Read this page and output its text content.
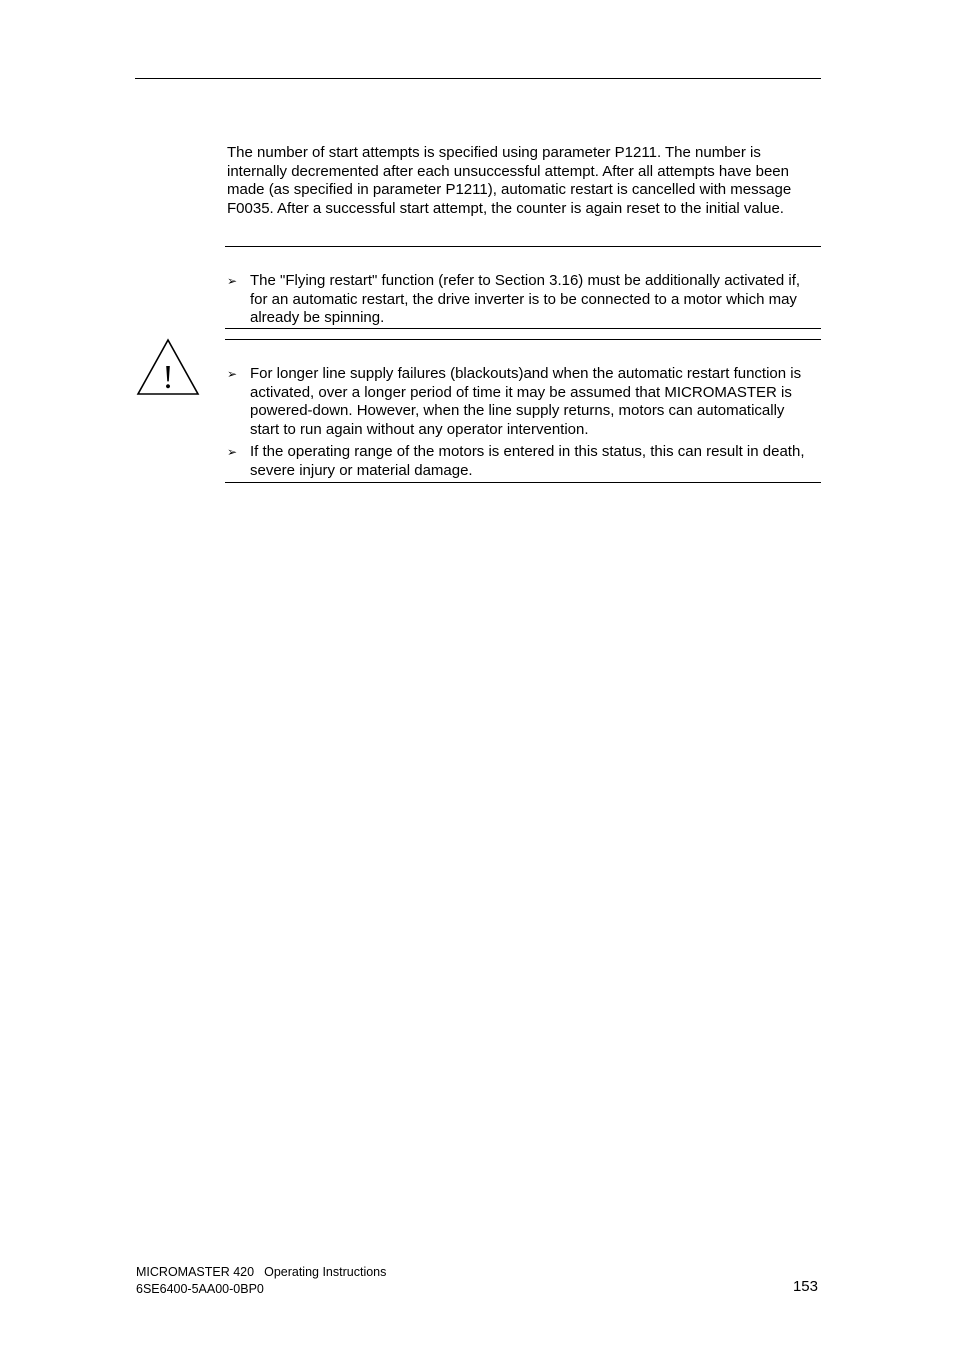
The number of start attempts is specified using parameter P1211. The number is internally decremented after each unsuccessful attempt. After all attempts have been made (as specified in parameter P1211), automatic restart is cancelled with message F0035. After a successful start attempt, the counter is again reset to the initial value.

➢ The "Flying restart" function (refer to Section 3.16) must be additionally activated if, for an automatic restart, the drive inverter is to be connected to a motor which may already be spinning.
!	➢ For longer line supply failures (blackouts)and when the automatic restart function is activated, over a longer period of time it may be assumed that MICROMASTER is powered-down. However, when the line supply returns, motors can automatically start to run again without any operator intervention.
➢ If the operating range of the motors is entered in this status, this can result in death, severe injury or material damage.
MICROMASTER 420 Operating Instructions
6SE6400-5AA00-0BP0	153
